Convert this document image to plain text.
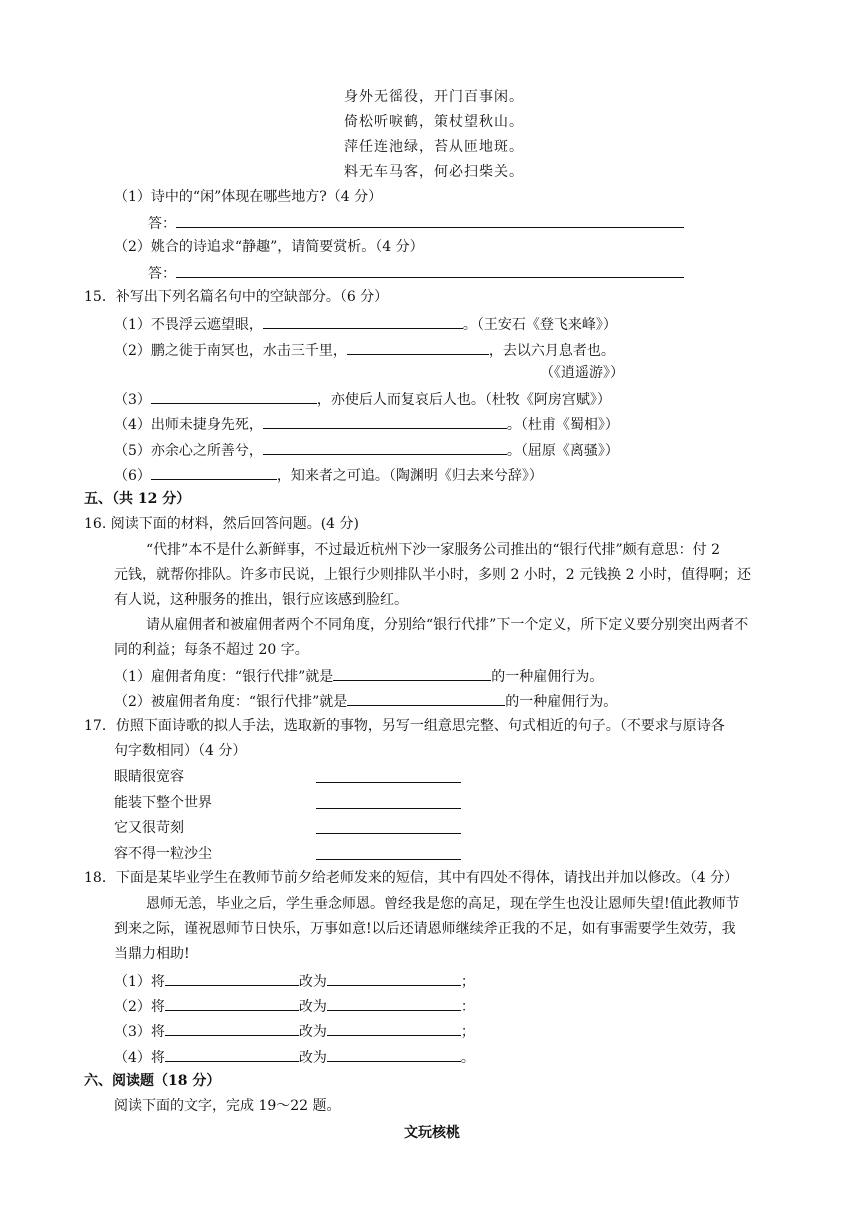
身外无徭役，开门百事闲。
倚松听唳鹤，策杖望秋山。
萍任连池绿，苔从匝地斑。
料无车马客，何必扫柴关。
（1）诗中的“闲”体现在哪些地方?（4 分）
答：
（2）姚合的诗追求“静趣”，请简要赏析。（4 分）
答：
15．补写出下列名篇名句中的空缺部分。（6 分）
（1）不畏浮云遮望眼，	。（王安石《登飞来峰》）
（2）鹏之徙于南冥也，水击三千里，	，去以六月息者也。
（《逍遥游》）
（3）	，亦使后人而复哀后人也。（杜牧《阿房宫赋》）
（4）出师未捷身先死，	。（杜甫《蜀相》）
（5）亦余心之所善兮，	。（屈原《离骚》）
（6）	，知来者之可追。（陶渊明《归去来兮辞》）
五、（共 12 分）
16. 阅读下面的材料，然后回答问题。(4 分)
“代排”本不是什么新鲜事，不过最近杭州下沙一家服务公司推出的“银行代排”颇有意思：付 2
元钱，就帮你排队。许多市民说，上银行少则排队半小时，多则 2 小时，2 元钱换 2 小时，值得啊；还
有人说，这种服务的推出，银行应该感到脸红。
请从雇佣者和被雇佣者两个不同角度，分别给“银行代排”下一个定义，所下定义要分别突出两者不
同的利益；每条不超过 20 字。
（1）雇佣者角度：“银行代排”就是	的一种雇佣行为。
（2）被雇佣者角度：“银行代排”就是	的一种雇佣行为。
17．仿照下面诗歌的拟人手法，选取新的事物，另写一组意思完整、句式相近的句子。（不要求与原诗各
句字数相同）（4 分）
眼睛很宽容
能装下整个世界
它又很苛刻
容不得一粒沙尘
18．下面是某毕业学生在教师节前夕给老师发来的短信，其中有四处不得体，请找出并加以修改。（4 分）
恩师无恙，毕业之后，学生垂念师恩。曾经我是您的高足，现在学生也没让恩师失望!值此教师节
到来之际，谨祝恩师节日快乐，万事如意!以后还请恩师继续斧正我的不足，如有事需要学生效劳，我
当鼎力相助!
（1）将	改为	；
（2）将	改为	：
（3）将	改为	；
（4）将	改为	。
六、阅读题（18 分）
阅读下面的文字，完成 19～22 题。
文玩核桃
